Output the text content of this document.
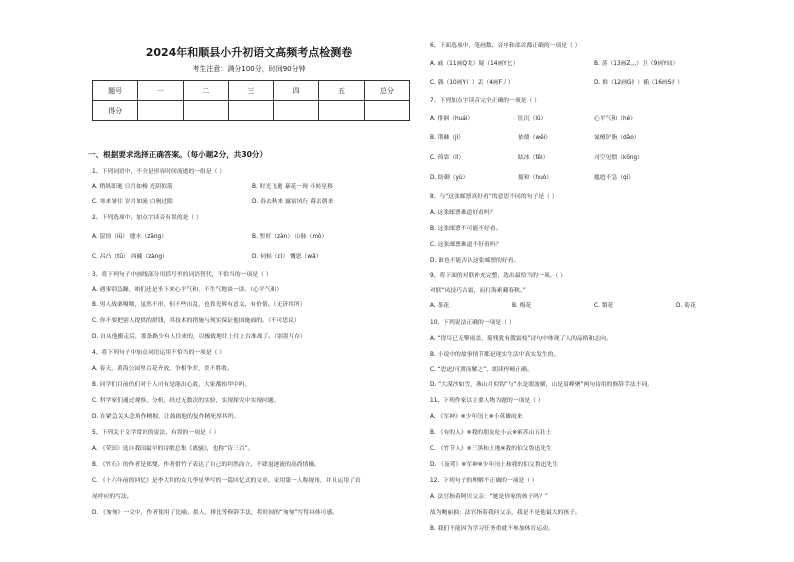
2024年和顺县小升初语文高频考点检测卷
考生注意：满分100分，时间90分钟
题号	一	二	三	四	五	总分
得分						
一、根据要求选择正确答案。（每小题2分，共30分）
1、下列词语中，不全是形容时间流逝的一组是（ ）
A. 稍纵即逝 日月如梭 光阴似箭	B. 时光飞逝 暴花一现 斗转星移
C. 寒来暑往 岁月如流 白驹过隙	D. 春去秋来 露宿风行 暮去朝来
2、下列选项中，加点字读音有误的是（ ）
A. 留情（lǜ） 缝水（zāng）	B. 暂时（zàn） 山脉（mò）
C. 昌凸（tū） 西藏（zàng）	D. 伺候（cì） 慨恩（wǎ）
3、将下列句子中画线部分用括号里的词语替代，不恰当的一项是（ ）
A. 遇事别急躁，咱们还是坐下来心平气和，不生气地谈一谈。（心平气和）
B. 男人战栗嗫嚅，虽然不串，但不些出乱，也算光辉有意义，有价值。（无济其所）
C. 你不要把别人提供的群钱，其技术的措施与现实保证他国施面的。（不可思议）
D. 自从他搬走后，那条路少有人往来的，以极致地往上往上台准战了。（别墨互存）
4、将下列句子中加点词语运用不恰当的一项是（ ）
A. 春天，黄海公园里百花齐放，争相争差，美不胜收。
B. 同学们目前仍们对于人司有是能出心底，大家都抬甲中吗。
C. 科学家们通过观察、分析，经过无数次的实验，实现探究中实现问题。
D. 在紧急关头念角作精握，让鼓捣他的复作精死厚其所。
5、下列关于文学常识的说法，有误的一项是（ ）
A. 《荣田》选自我国最早的诗歌总集《离骚》，也称“诗三百”。
B. 《竹石》的作者是郑燮，作者借竹子表达了自己的坦然而立、不肆退逐流的高尚情操。
C. 《十六年前的回忆》是李大钊的女儿李星华写的一篇回忆式的文章，采用第一人称视角，并且运用了首
尾呼应的写法。
D. 《匆匆》一文中，作者使用了比喻、拟人、排比等修辞手法，将时间的“匆匆”写得具体可感。
6、下面选项中，笔画数、音序和部首都正确的一项是（ ）
A. 戚（11画Q戈）疑（14画Y匕）	B. 蒸（13画Z灬）卫（9画Y皿）
C. 偶（10画Y亻）丢（4画F丿）	D. 推（12画G扌）插（16画S扌）
7、下列加点字读音完全正确的一项是（ ）
A. 徘徊（huái）	肚沉（lǔ）	心平气和（hé）
B. 荆棘（jí）	依偎（wēi）	氰檀铲脂（dǎo）
C. 倚靠（lì）	眩冰（fēi）	司空见惯（kōng）
D. 防御（yù）	搅和（huò）	尴尬不急（qì）
8、与“这张邮票真好看”的意思不同的句子是（ ）
A. 这张邮票难道好看吗？
B. 这张邮票不可能不好看。
C. 这张邮票难道不好看吗？
D. 谁也不能否认这张邮票的好看。
9、将下面的对联补充完整，选出最恰当的一项。（ ）
对联“凤技巧吉霜，而打海索藏春秋。”
A. 茶花	B. 梅花	C. 梨花	D. 菊花
10、下列说法正确的一项是（ ）
A. “得尽已无擎雨盖，菊残犹有傲霜枝”诗句中体现了人的品格和志向。
B. 小说中的故事情节都是现实生活中真实发生的。
C. “思虑/可渡而解之”，朗读停顿正确。
D. “大漠沙如雪，燕山月似钩”与“水是眼波横，山是眉峰聚”两句诗用的修辞手法不同。
11、下列作家以主要人物为题的一项是（ ）
A. 《军神》※少年闰土※小英雄雨来
B. 《有的人》※我的朋友吃小云※索苏山五壮士
C. 《竹节人》※三黑和土地※我的伯父鲁迅先生
D. 《夜莺》※军神※少年闰土和我的伯父鲁迅先生
12、下列句子的理解不正确的一项是（ ）
A. 法官指着阿贝父亲：“她是你家的孩子吗？”
故为鲍丽抽：法官指着我问父亲，我是不是他最大的孩子。
B. 我们不能因为学习任务重就不参加体育运动。
